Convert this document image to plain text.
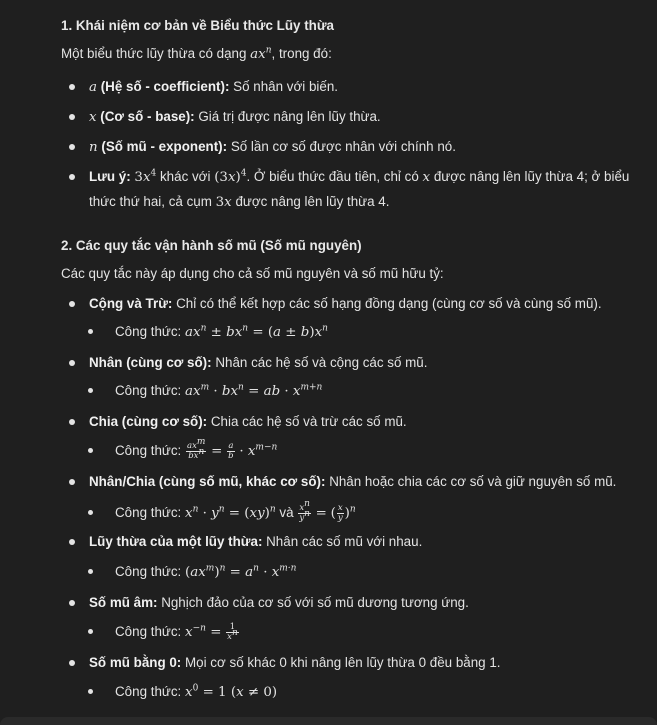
1. Khái niệm cơ bản về Biểu thức Lũy thừa
Một biểu thức lũy thừa có dạng $ax^n$, trong đó:
a (Hệ số - coefficient): Số nhân với biến.
x (Cơ số - base): Giá trị được nâng lên lũy thừa.
n (Số mũ - exponent): Số lần cơ số được nhân với chính nó.
Lưu ý: $3x^4$ khác với $(3x)^4$. Ở biểu thức đầu tiên, chỉ có x được nâng lên lũy thừa 4; ở biểu
thức thứ hai, cả cụm 3x được nâng lên lũy thừa 4.
2. Các quy tắc vận hành số mũ (Số mũ nguyên)
Các quy tắc này áp dụng cho cả số mũ nguyên và số mũ hữu tỷ:
Cộng và Trừ: Chỉ có thể kết hợp các số hạng đồng dạng (cùng cơ số và cùng số mũ).
Công thức: $ax^n \pm bx^n = (a \pm b)x^n$
Nhân (cùng cơ số): Nhân các hệ số và cộng các số mũ.
Công thức: $ax^m \cdot bx^n$ = ab · $x^{m+n}$
Chia (cùng cơ số): Chia các hệ số và trừ các số mũ.
Công thức: $\frac{ax^m}{bx^n} = \frac{a}{b} \cdot x^{m-n}$
Nhân/Chia (cùng số mũ, khác cơ số): Nhân hoặc chia các cơ số và giữ nguyên số mũ.
Công thức: $x^n \cdot y^n = (xy)^n$ và $\frac{x^n}{y^n}$ = ( $\frac{x}{y} )^n$
Lũy thừa của một lũy thừa: Nhân các số mũ với nhau.
Công thức: $(ax^m)^n = a^n \cdot x^{m\cdot n}$
Số mũ âm: Nghịch đảo của cơ số với số mũ dương tương ứng.
Công thức: $x^{-n} = \frac{1}{x^n}$
Số mũ bằng 0: Mọi cơ số khác 0 khi nâng lên lũy thừa 0 đều bằng 1.
Công thức: $x^0 = 1$ (x ≠ 0)
